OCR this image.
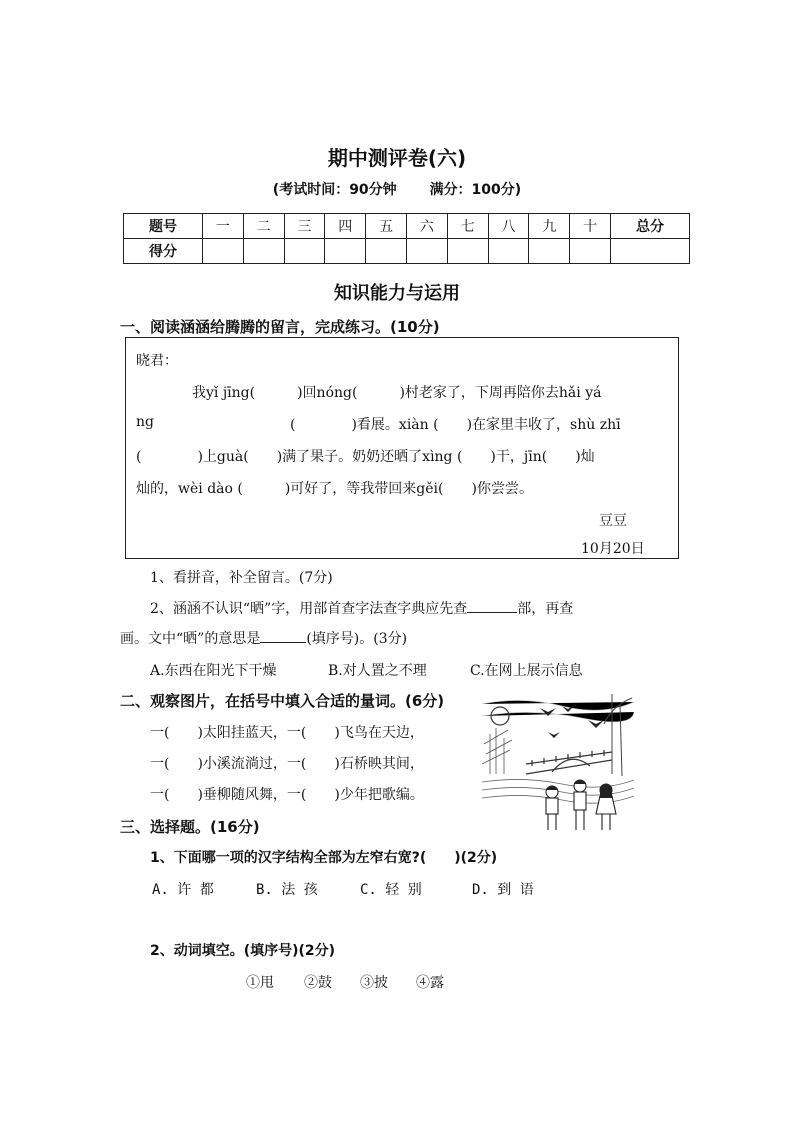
期中测评卷(六)
(考试时间：90分钟 满分：100分)
题号	一	二	三	四	五	六	七	八	九	十	总分
得分											
知识能力与运用
一、阅读涵涵给腾腾的留言，完成练习。(10分)
晓君：
我yǐ jīng(　　　)回nóng(　　　)村老家了，下周再陪你去hǎi yá
ng	(　　　　)看展。xiàn (　　)在家里丰收了，shù zhī
(　　　　)上guà(　　)满了果子。奶奶还晒了xìng (　　)干，jīn(　　)灿
灿的，wèi dào (　　　)可好了，等我带回来gěi(　　)你尝尝。
豆豆
10月20日
1、看拼音，补全留言。(7分)
2、涵涵不认识“晒”字，用部首查字法查字典应先查	部，再查
画。文中“晒”的意思是	(填序号)。(3分)
A.东西在阳光下干燥	B.对人置之不理	C.在网上展示信息
二、观察图片，在括号中填入合适的量词。(6分)
一(　　)太阳挂蓝天，一(　　)飞鸟在天边，
一(　　)小溪流淌过，一(　　)石桥映其间，
一(　　)垂柳随风舞，一(　　)少年把歌编。
三、选择题。(16分)
1、下面哪一项的汉字结构全部为左窄右宽?(　　)(2分)
A. 许 都	B. 法 孩	C. 轻 别	D. 到 语
2、动词填空。(填序号)(2分)
①甩 ②鼓 ③披 ④露
